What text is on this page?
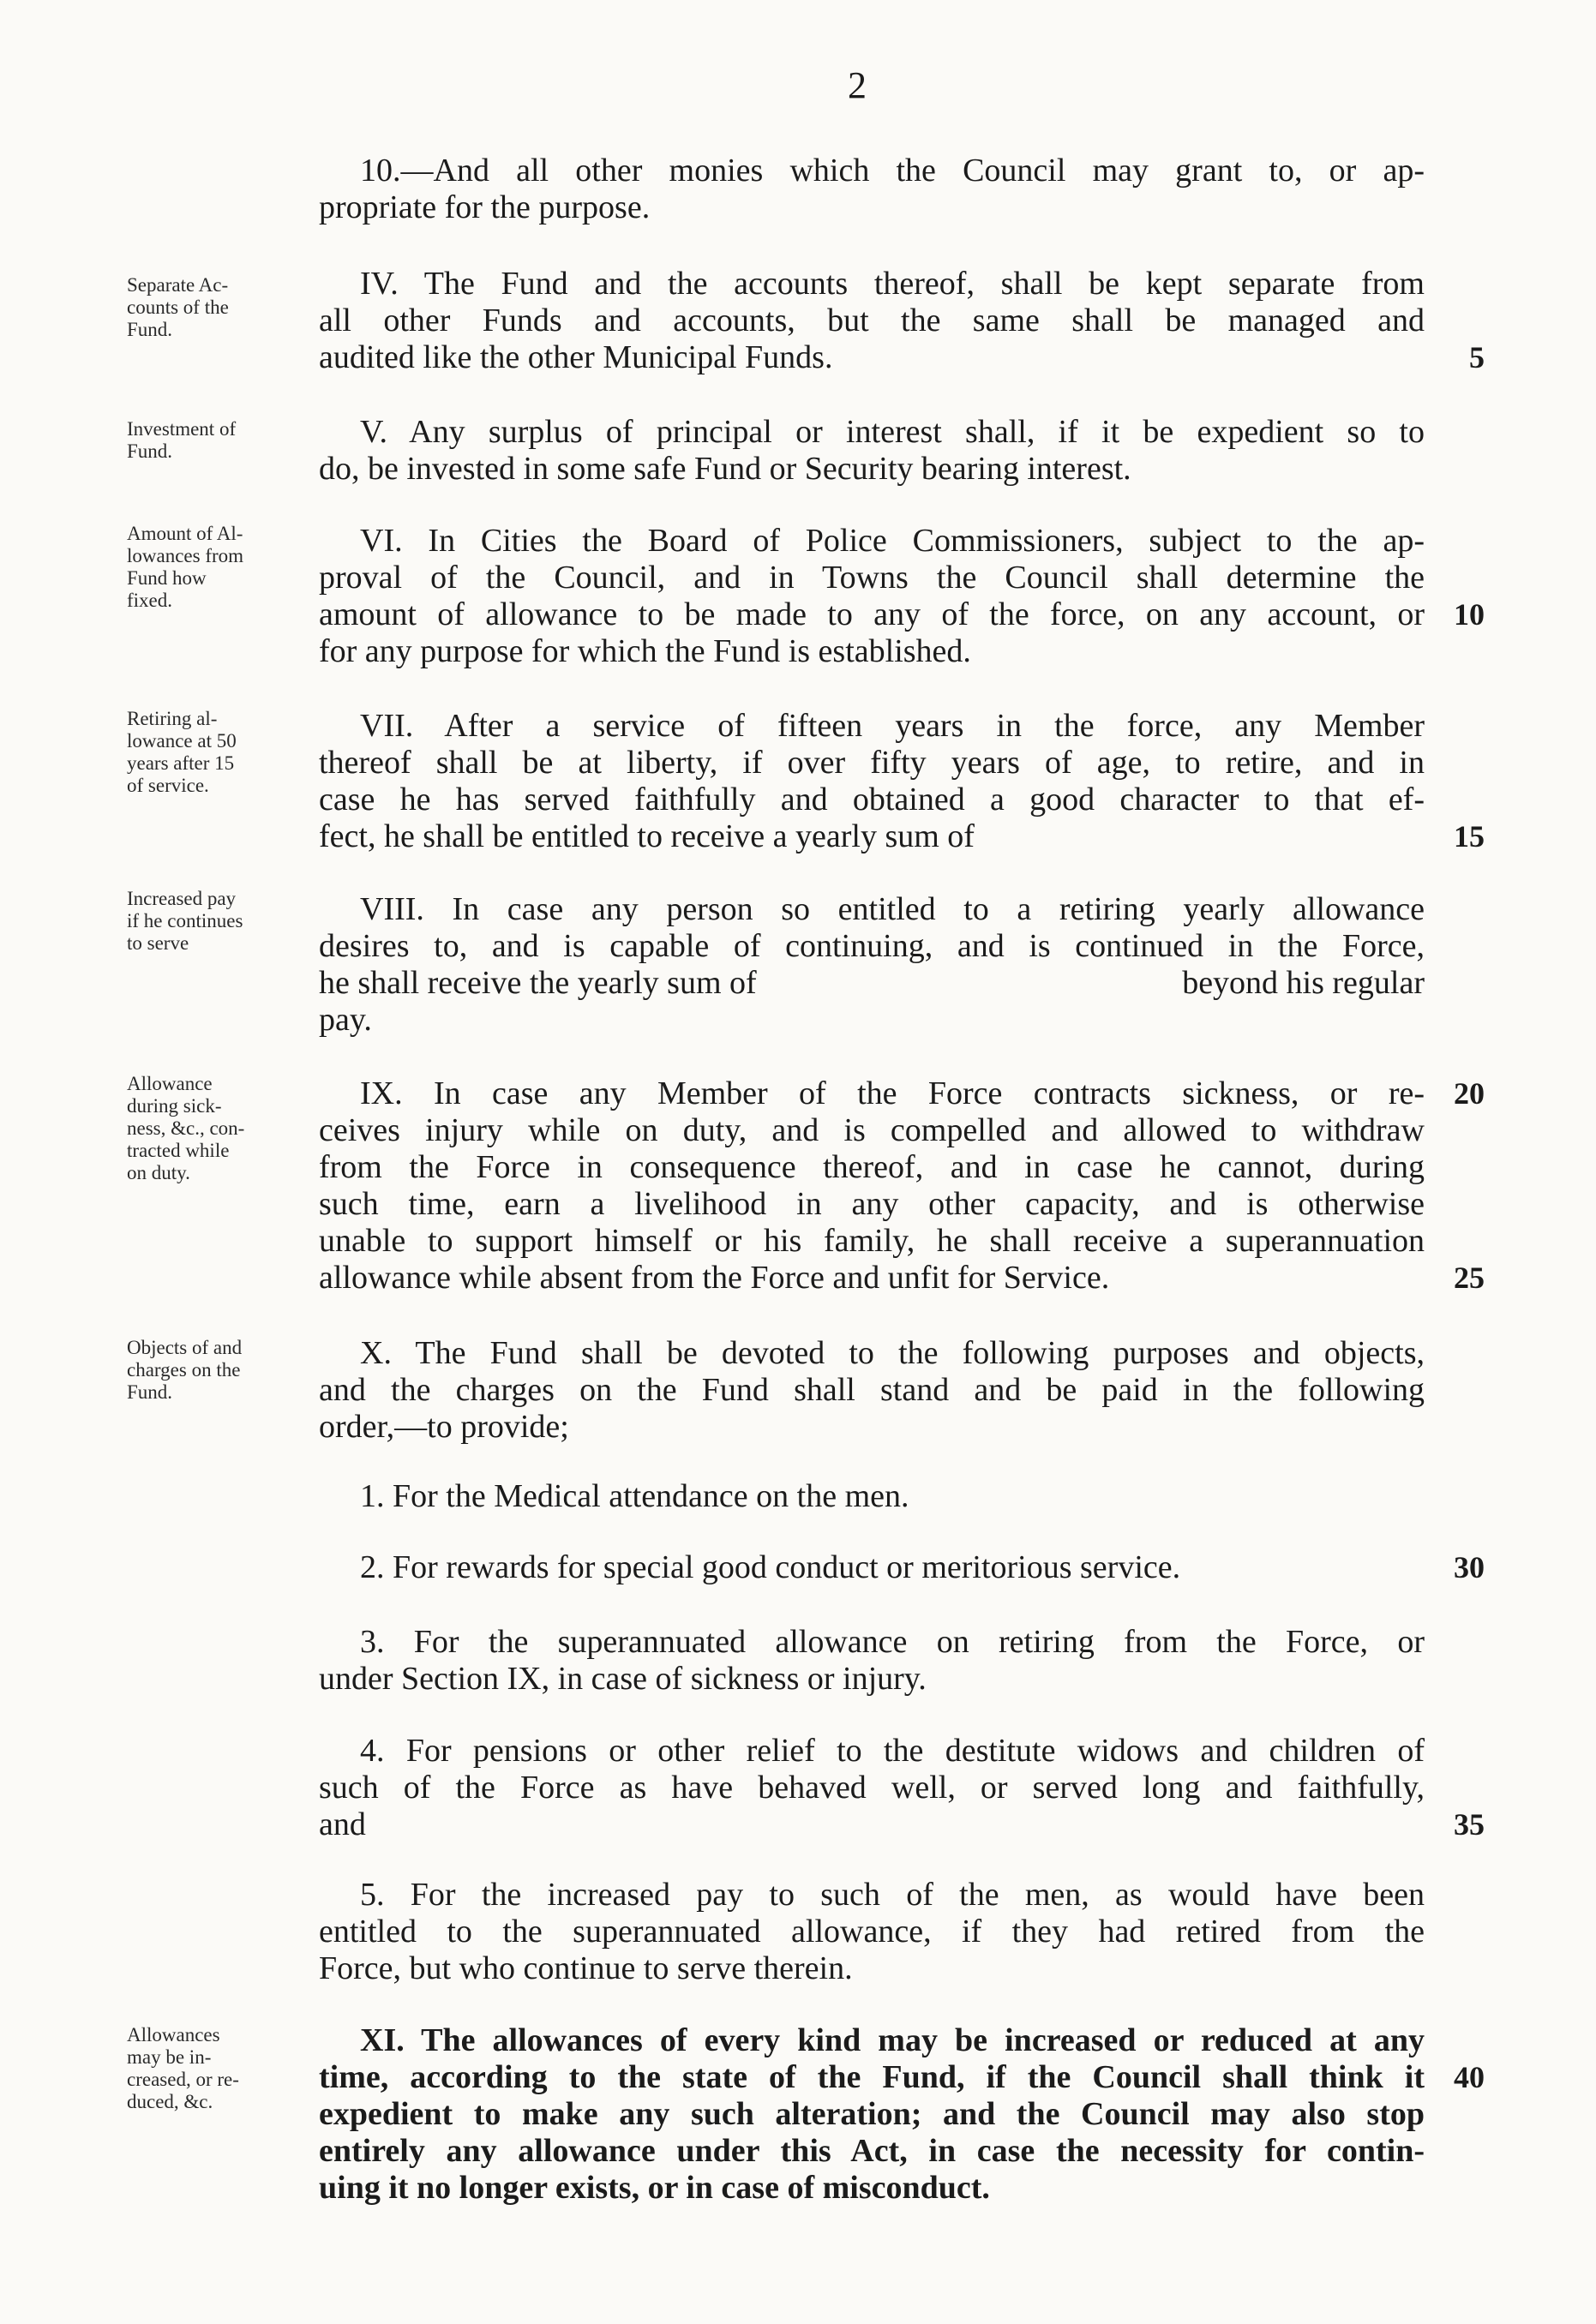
2
10.—And all other monies which the Council may grant to, or ap-
propriate for the purpose.
Separate Ac-
counts of the
Fund.
IV. The Fund and the accounts thereof, shall be kept separate from
all other Funds and accounts, but the same shall be managed and
audited like the other Municipal Funds.	5
Investment of
Fund.
V. Any surplus of principal or interest shall, if it be expedient so to
do, be invested in some safe Fund or Security bearing interest.
Amount of Al-
lowances from
Fund how
fixed.
VI. In Cities the Board of Police Commissioners, subject to the ap-
proval of the Council, and in Towns the Council shall determine the
amount of allowance to be made to any of the force, on any account, or
for any purpose for which the Fund is established.
10
Retiring al-
lowance at 50
years after 15
of service.
VII. After a service of fifteen years in the force, any Member
thereof shall be at liberty, if over fifty years of age, to retire, and in
case he has served faithfully and obtained a good character to that ef-
fect, he shall be entitled to receive a yearly sum of	15
Increased pay
if he continues
to serve
VIII. In case any person so entitled to a retiring yearly allowance
desires to, and is capable of continuing, and is continued in the Force,
he shall receive the yearly sum of	beyond his regular
pay.
Allowance
during sick-
ness, &c., con-
tracted while
on duty.
IX. In case any Member of the Force contracts sickness, or re-
ceives injury while on duty, and is compelled and allowed to withdraw
from the Force in consequence thereof, and in case he cannot, during
such time, earn a livelihood in any other capacity, and is otherwise
unable to support himself or his family, he shall receive a superannuation
allowance while absent from the Force and unfit for Service.
20
25
Objects of and
charges on the
Fund.
X. The Fund shall be devoted to the following purposes and objects,
and the charges on the Fund shall stand and be paid in the following
order,—to provide;
1. For the Medical attendance on the men.
2. For rewards for special good conduct or meritorious service.	30
3. For the superannuated allowance on retiring from the Force, or
under Section IX, in case of sickness or injury.
4. For pensions or other relief to the destitute widows and children of
such of the Force as have behaved well, or served long and faithfully,
and	35
5. For the increased pay to such of the men, as would have been
entitled to the superannuated allowance, if they had retired from the
Force, but who continue to serve therein.
Allowances
may be in-
creased, or re-
duced, &c.
XI. The allowances of every kind may be increased or reduced at any
time, according to the state of the Fund, if the Council shall think it
expedient to make any such alteration; and the Council may also stop
entirely any allowance under this Act, in case the necessity for contin-
uing it no longer exists, or in case of misconduct.
40
